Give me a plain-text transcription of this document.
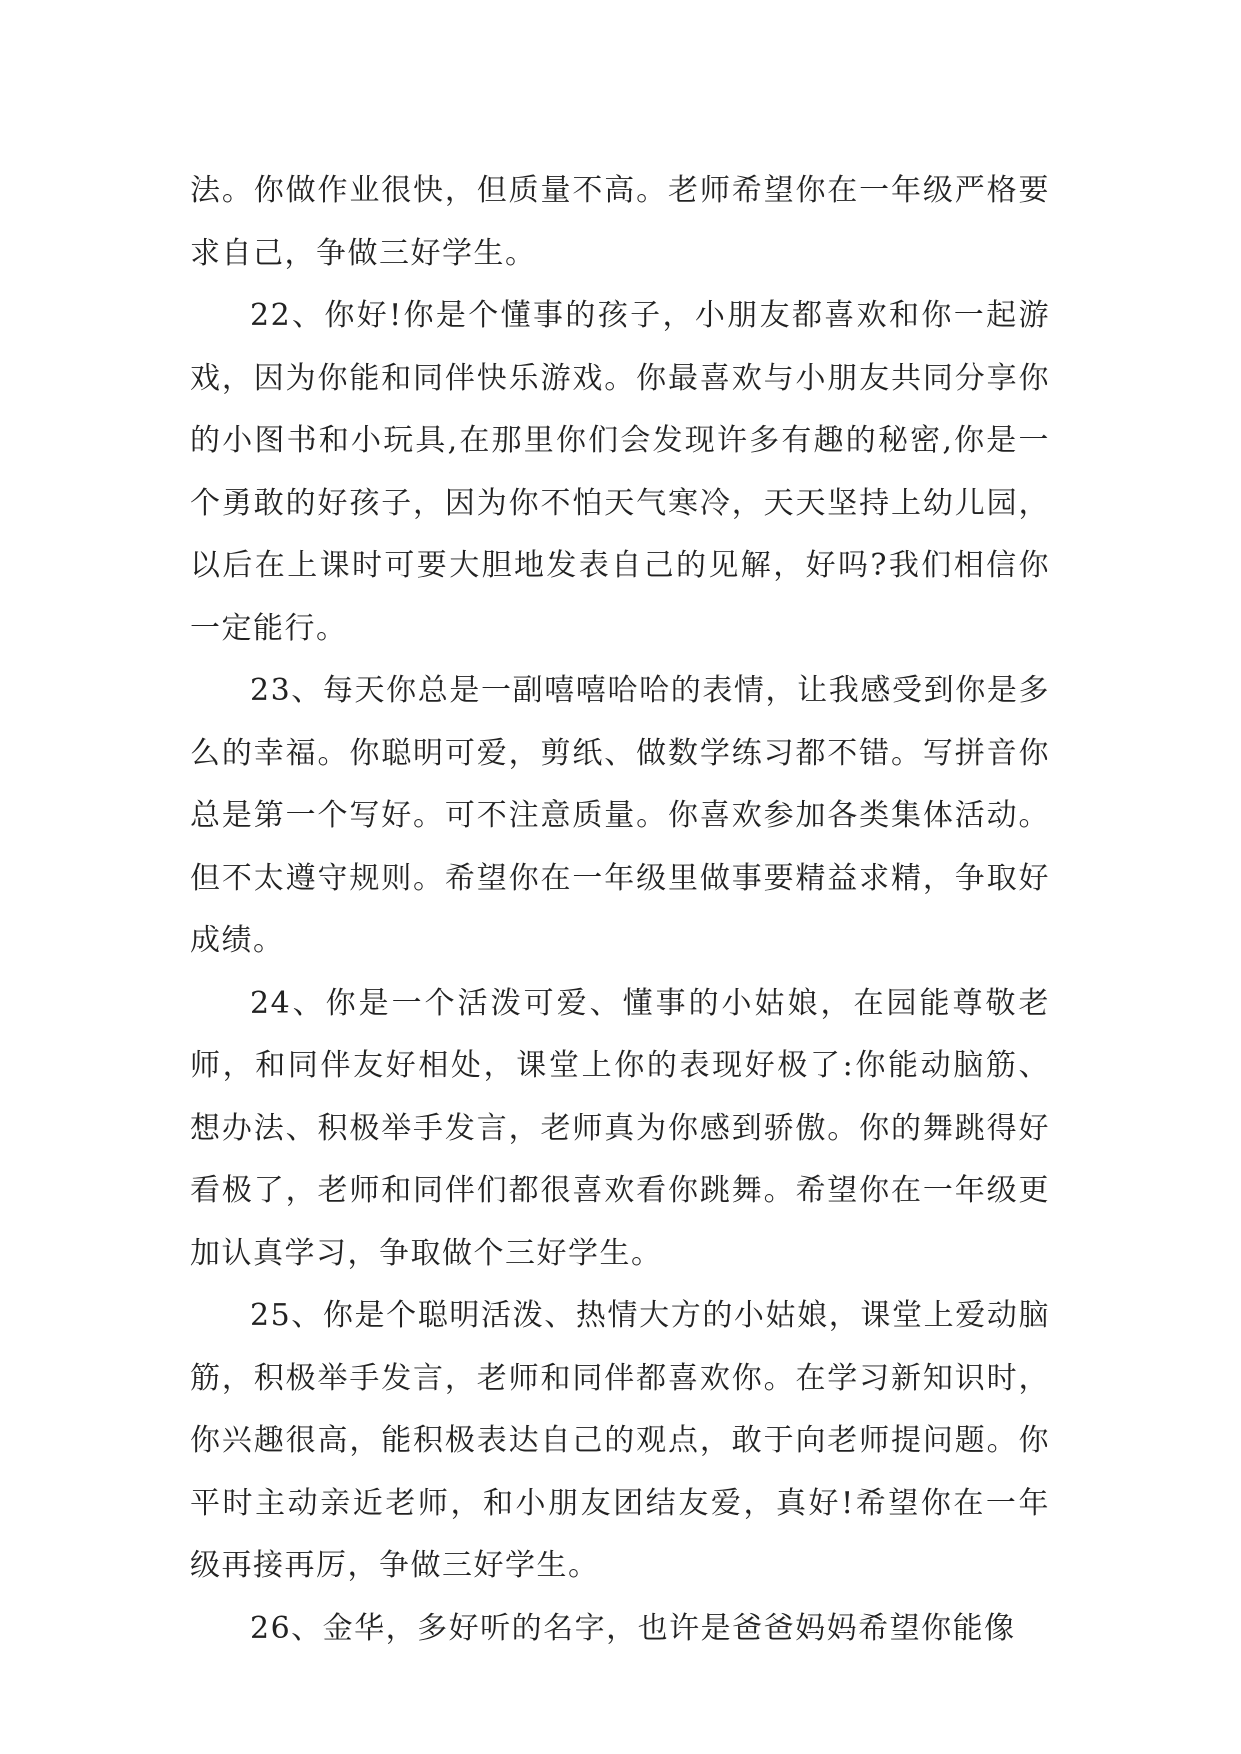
法。你做作业很快，但质量不高。老师希望你在一年级严格要求自己，争做三好学生。

22、你好!你是个懂事的孩子，小朋友都喜欢和你一起游戏，因为你能和同伴快乐游戏。你最喜欢与小朋友共同分享你的小图书和小玩具,在那里你们会发现许多有趣的秘密,你是一个勇敢的好孩子，因为你不怕天气寒冷，天天坚持上幼儿园，以后在上课时可要大胆地发表自己的见解，好吗?我们相信你一定能行。

23、每天你总是一副嘻嘻哈哈的表情，让我感受到你是多么的幸福。你聪明可爱，剪纸、做数学练习都不错。写拼音你总是第一个写好。可不注意质量。你喜欢参加各类集体活动。但不太遵守规则。希望你在一年级里做事要精益求精，争取好成绩。

24、你是一个活泼可爱、懂事的小姑娘，在园能尊敬老师，和同伴友好相处，课堂上你的表现好极了:你能动脑筋、想办法、积极举手发言，老师真为你感到骄傲。你的舞跳得好看极了，老师和同伴们都很喜欢看你跳舞。希望你在一年级更加认真学习，争取做个三好学生。

25、你是个聪明活泼、热情大方的小姑娘，课堂上爱动脑筋，积极举手发言，老师和同伴都喜欢你。在学习新知识时，你兴趣很高，能积极表达自己的观点，敢于向老师提问题。你平时主动亲近老师，和小朋友团结友爱，真好!希望你在一年级再接再厉，争做三好学生。

26、金华，多好听的名字，也许是爸爸妈妈希望你能像
